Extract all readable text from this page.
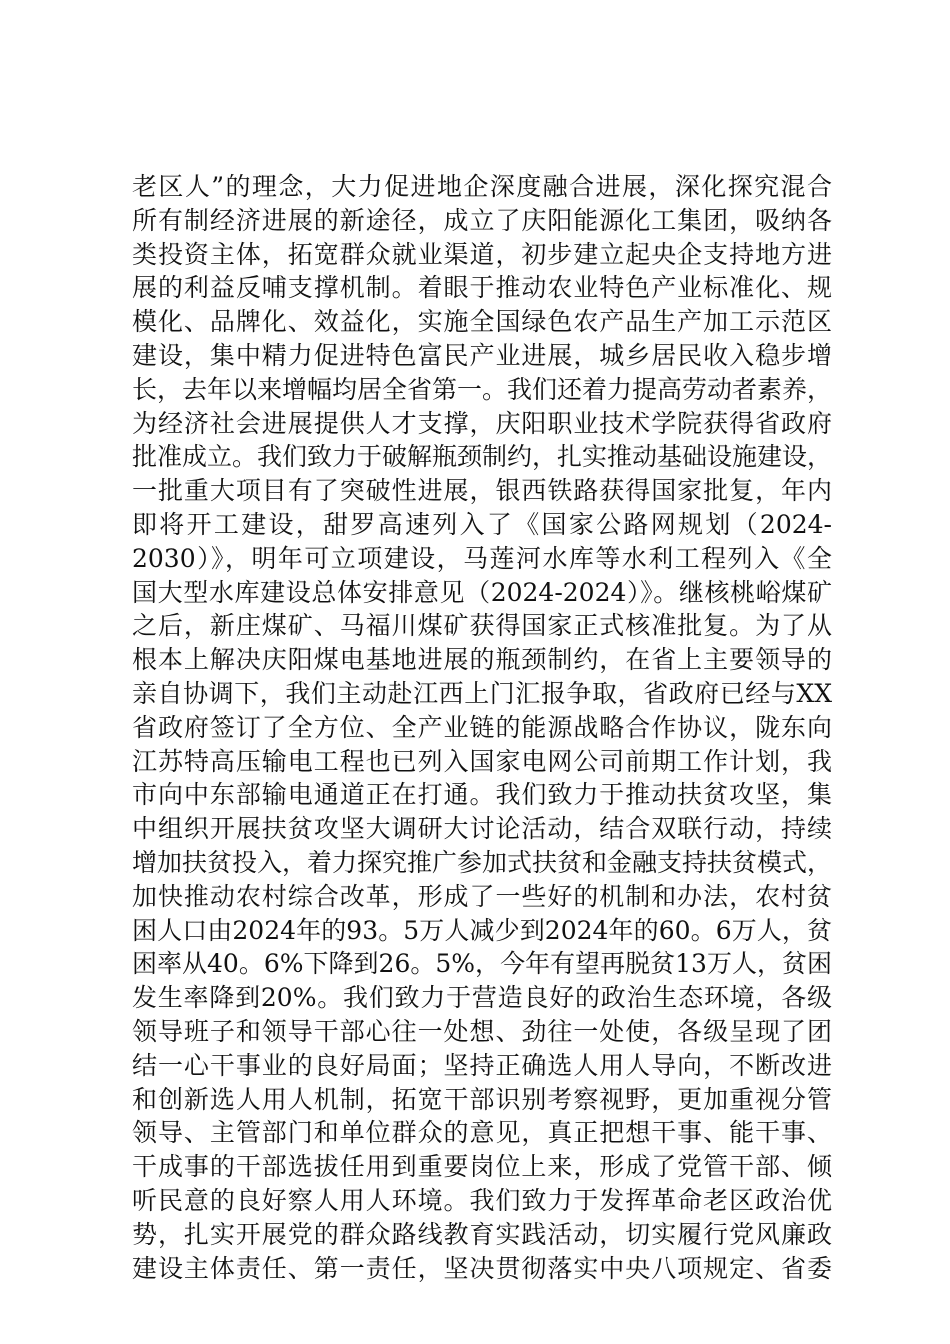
老区人”的理念，大力促进地企深度融合进展，深化探究混合
所有制经济进展的新途径，成立了庆阳能源化工集团，吸纳各
类投资主体，拓宽群众就业渠道，初步建立起央企支持地方进
展的利益反哺支撑机制。着眼于推动农业特色产业标准化、规
模化、品牌化、效益化，实施全国绿色农产品生产加工示范区
建设，集中精力促进特色富民产业进展，城乡居民收入稳步增
长，去年以来增幅均居全省第一。我们还着力提高劳动者素养，
为经济社会进展提供人才支撑，庆阳职业技术学院获得省政府
批准成立。我们致力于破解瓶颈制约，扎实推动基础设施建设，
一批重大项目有了突破性进展，银西铁路获得国家批复，年内
即将开工建设，甜罗高速列入了《国家公路网规划（2024-
2030）》，明年可立项建设，马莲河水库等水利工程列入《全
国大型水库建设总体安排意见（2024-2024）》。继核桃峪煤矿
之后，新庄煤矿、马福川煤矿获得国家正式核准批复。为了从
根本上解决庆阳煤电基地进展的瓶颈制约，在省上主要领导的
亲自协调下，我们主动赴江西上门汇报争取，省政府已经与XX
省政府签订了全方位、全产业链的能源战略合作协议，陇东向
江苏特高压输电工程也已列入国家电网公司前期工作计划，我
市向中东部输电通道正在打通。我们致力于推动扶贫攻坚，集
中组织开展扶贫攻坚大调研大讨论活动，结合双联行动，持续
增加扶贫投入，着力探究推广参加式扶贫和金融支持扶贫模式，
加快推动农村综合改革，形成了一些好的机制和办法，农村贫
困人口由2024年的93。5万人减少到2024年的60。6万人，贫
困率从40。6%下降到26。5%，今年有望再脱贫13万人，贫困
发生率降到20%。我们致力于营造良好的政治生态环境，各级
领导班子和领导干部心往一处想、劲往一处使，各级呈现了团
结一心干事业的良好局面；坚持正确选人用人导向，不断改进
和创新选人用人机制，拓宽干部识别考察视野，更加重视分管
领导、主管部门和单位群众的意见，真正把想干事、能干事、
干成事的干部选拔任用到重要岗位上来，形成了党管干部、倾
听民意的良好察人用人环境。我们致力于发挥革命老区政治优
势，扎实开展党的群众路线教育实践活动，切实履行党风廉政
建设主体责任、第一责任，坚决贯彻落实中央八项规定、省委
